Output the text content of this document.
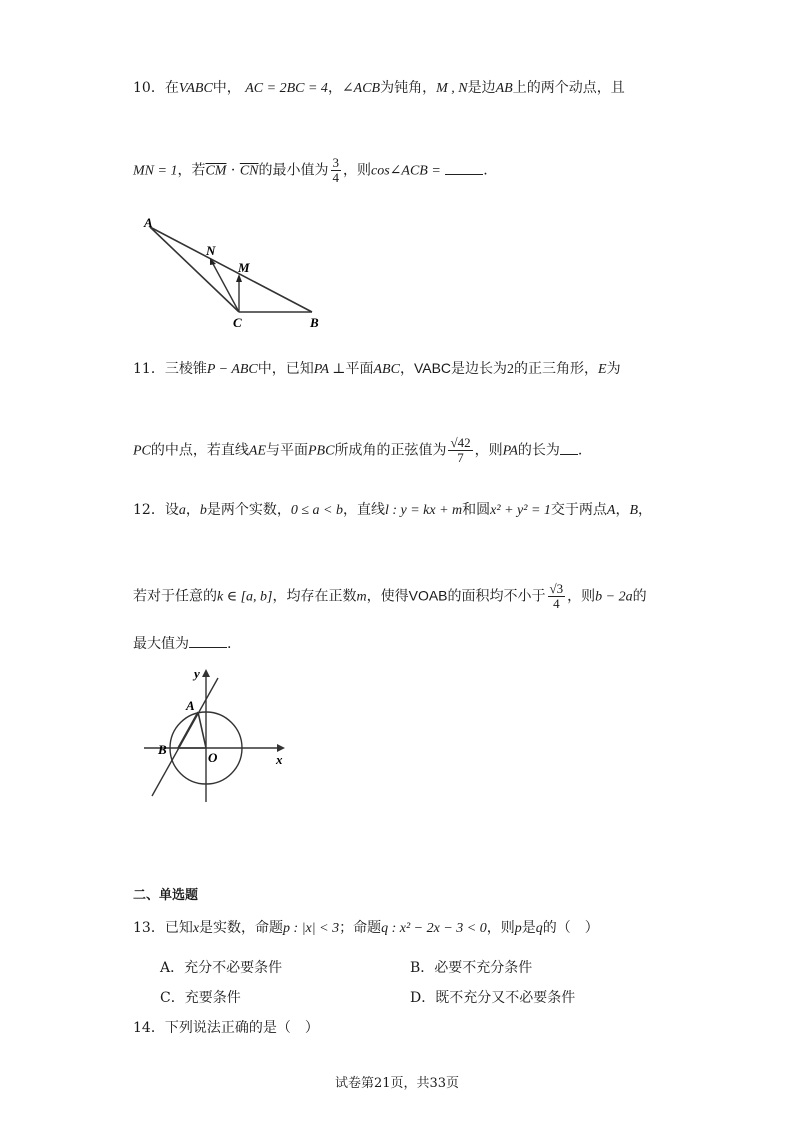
10．在VABC中， AC = 2BC = 4，∠ACB为钝角，M , N是边AB上的两个动点，且
MN = 1，若$\overline{CM} \cdot \overline{CN}$的最小值为 $\frac{3}{4}$ ，则cos∠ACB =	.
A
N
M
C	B
11．三棱锥P − ABC中，已知PA ⊥平面ABC，VABC是边长为2的正三角形，E为
PC的中点，若直线AE与平面PBC所成角的正弦值为 $\frac{√42}{7}$ ，则PA的长为 .
12．设a，b是两个实数，0 ≤ a < b，直线l : y = kx + m和圆x² + y² = 1交于两点A，B，
若对于任意的k ∈ [a, b]，均存在正数m，使得VOAB的面积均不小于 $\frac{√3}{4}$ ，则b − 2a的
最大值为	.
y
x
A
B
O
二、单选题
13．已知x是实数，命题p : |x| < 3；命题q : x² − 2x − 3 < 0，则p是q的（　）
A．充分不必要条件	B．必要不充分条件
C．充要条件	D．既不充分又不必要条件
14．下列说法正确的是（　）
试卷第21页，共33页
